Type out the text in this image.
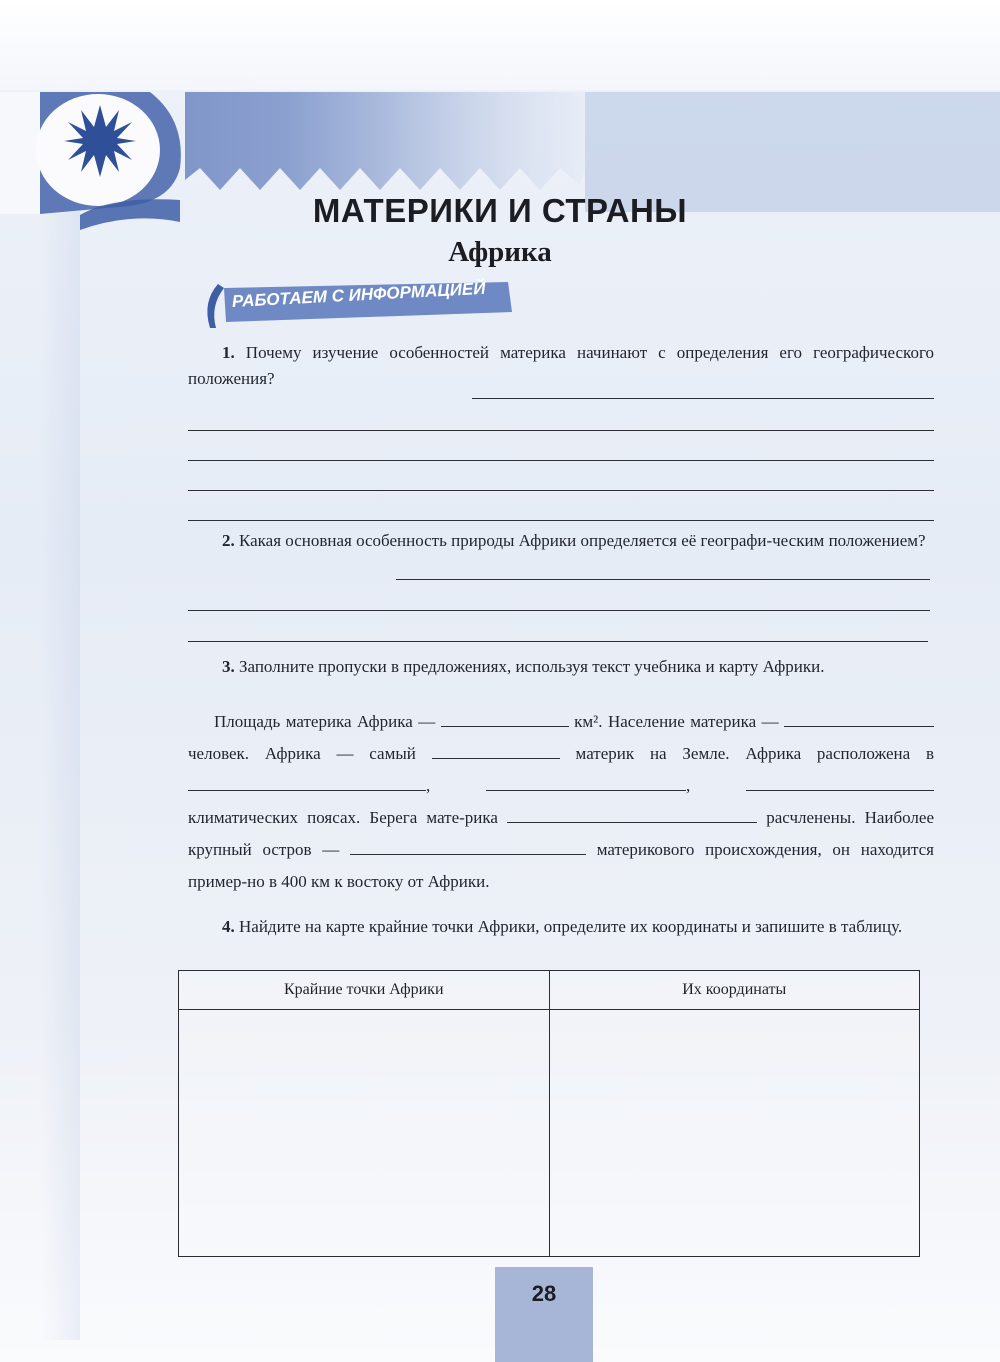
МАТЕРИКИ И СТРАНЫ
Африка
РАБОТАЕМ С ИНФОРМАЦИЕЙ
1. Почему изучение особенностей материка начинают с определения его географического положения?
2. Какая основная особенность природы Африки определяется её географи-ческим положением?
3. Заполните пропуски в предложениях, используя текст учебника и карту Африки.
Площадь материка Африка —	км². Население материка —  человек. Африка — самый	материк на Земле. Африка расположена в ,	,  климатических поясах. Берега мате-рика	расчленены. Наиболее крупный остров —	материкового происхождения, он находится пример-но в 400 км к востоку от Африки.
4. Найдите на карте крайние точки Африки, определите их координаты и запишите в таблицу.
Крайние точки Африки	Их координаты

28
